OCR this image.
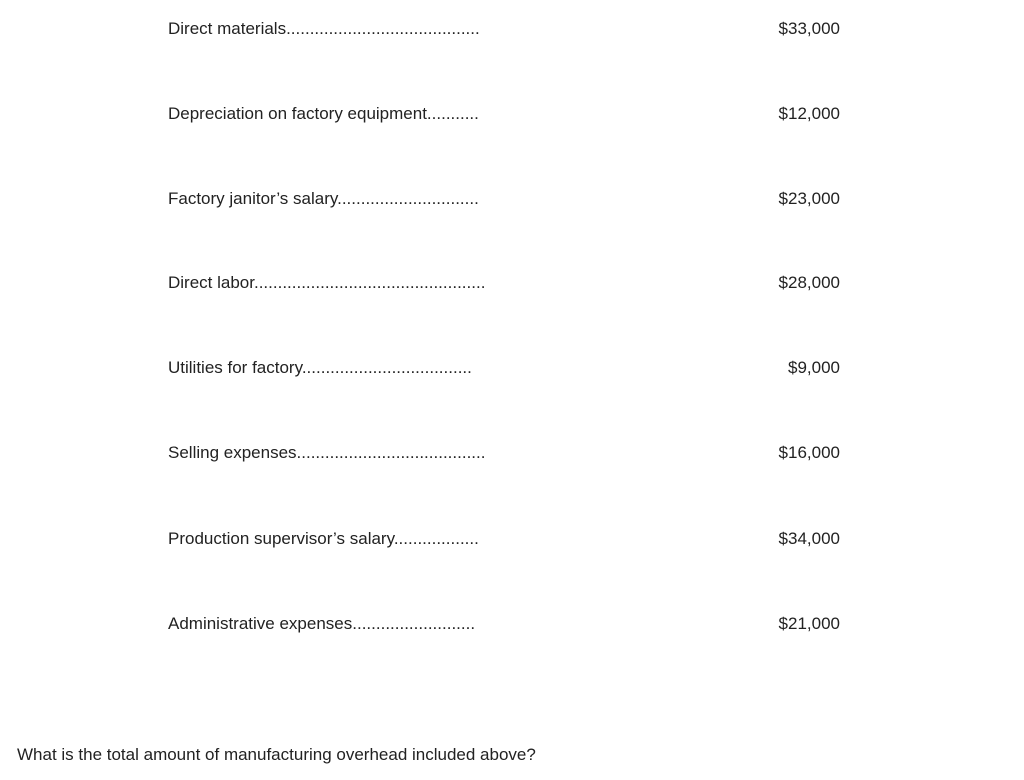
Direct materials.........................................	$33,000
Depreciation on factory equipment...........	$12,000
Factory janitor’s salary..............................	$23,000
Direct labor.................................................	$28,000
Utilities for factory....................................	$9,000
Selling expenses........................................	$16,000
Production supervisor’s salary..................	$34,000
Administrative expenses..........................	$21,000
What is the total amount of manufacturing overhead included above?
